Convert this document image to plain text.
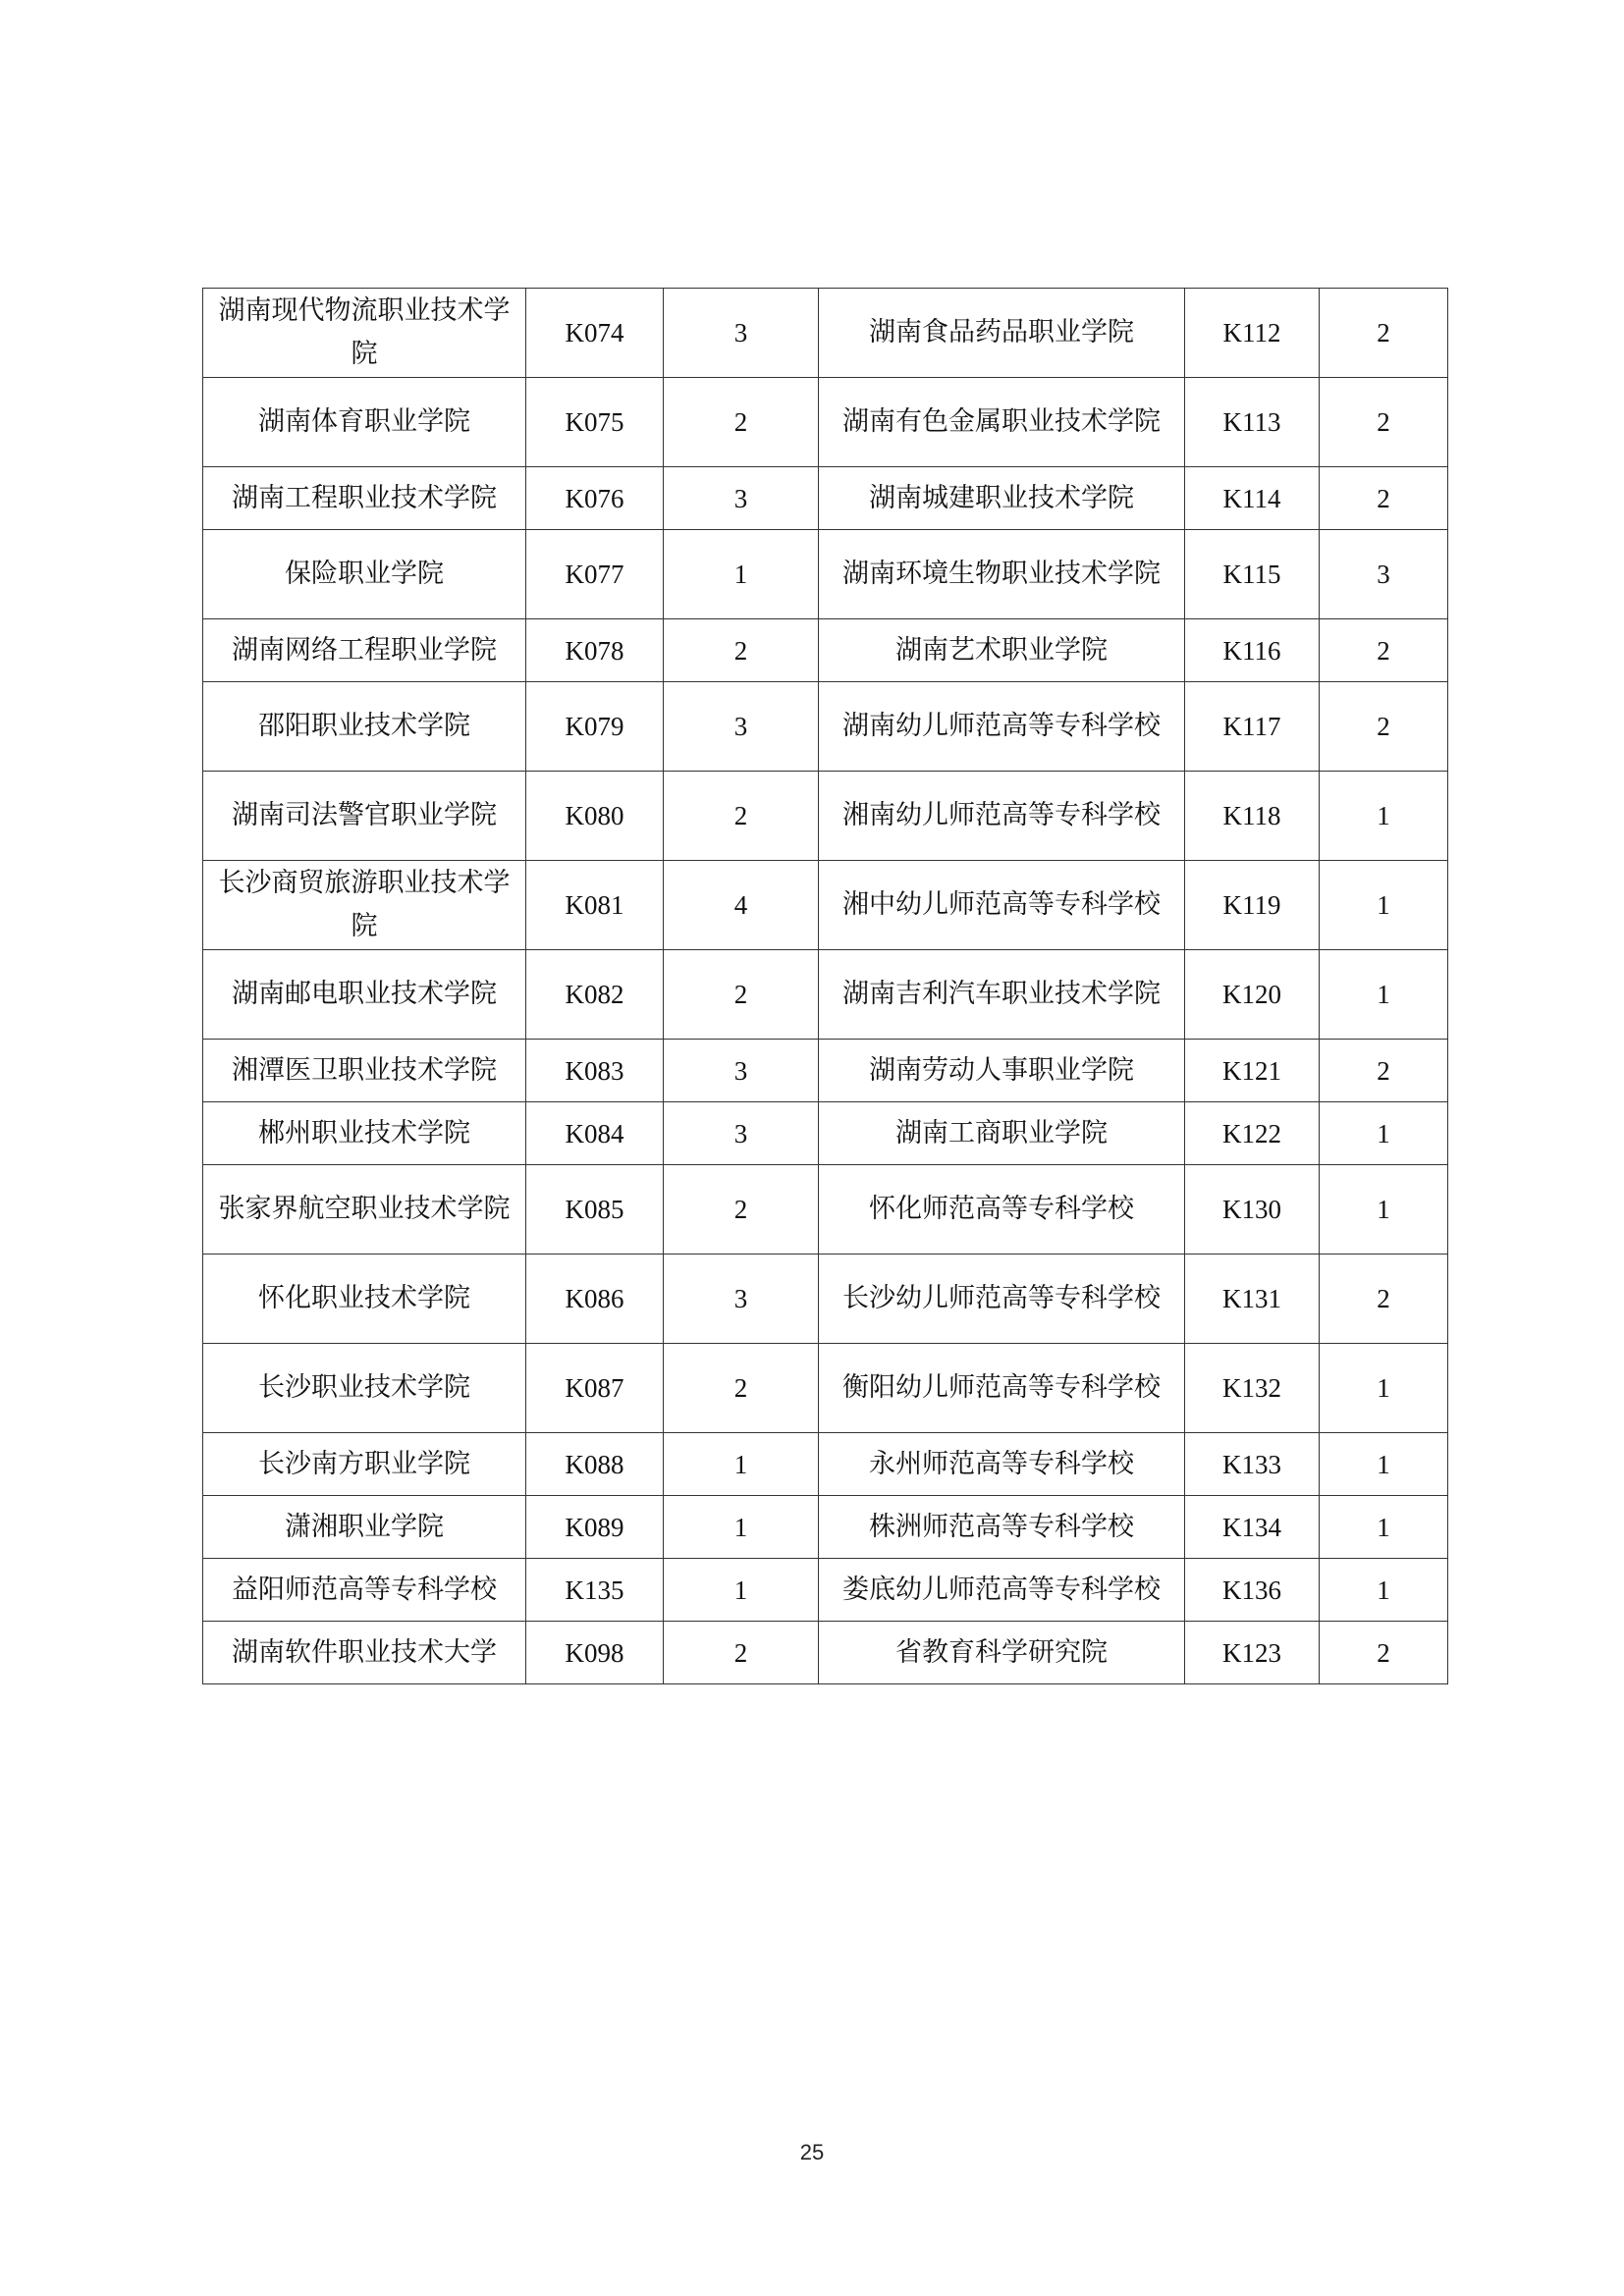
湖南现代物流职业技术学院	K074	3	湖南食品药品职业学院	K112	2
湖南体育职业学院	K075	2	湖南有色金属职业技术学院	K113	2
湖南工程职业技术学院	K076	3	湖南城建职业技术学院	K114	2
保险职业学院	K077	1	湖南环境生物职业技术学院	K115	3
湖南网络工程职业学院	K078	2	湖南艺术职业学院	K116	2
邵阳职业技术学院	K079	3	湖南幼儿师范高等专科学校	K117	2
湖南司法警官职业学院	K080	2	湘南幼儿师范高等专科学校	K118	1
长沙商贸旅游职业技术学院	K081	4	湘中幼儿师范高等专科学校	K119	1
湖南邮电职业技术学院	K082	2	湖南吉利汽车职业技术学院	K120	1
湘潭医卫职业技术学院	K083	3	湖南劳动人事职业学院	K121	2
郴州职业技术学院	K084	3	湖南工商职业学院	K122	1
张家界航空职业技术学院	K085	2	怀化师范高等专科学校	K130	1
怀化职业技术学院	K086	3	长沙幼儿师范高等专科学校	K131	2
长沙职业技术学院	K087	2	衡阳幼儿师范高等专科学校	K132	1
长沙南方职业学院	K088	1	永州师范高等专科学校	K133	1
潇湘职业学院	K089	1	株洲师范高等专科学校	K134	1
益阳师范高等专科学校	K135	1	娄底幼儿师范高等专科学校	K136	1
湖南软件职业技术大学	K098	2	省教育科学研究院	K123	2
25
